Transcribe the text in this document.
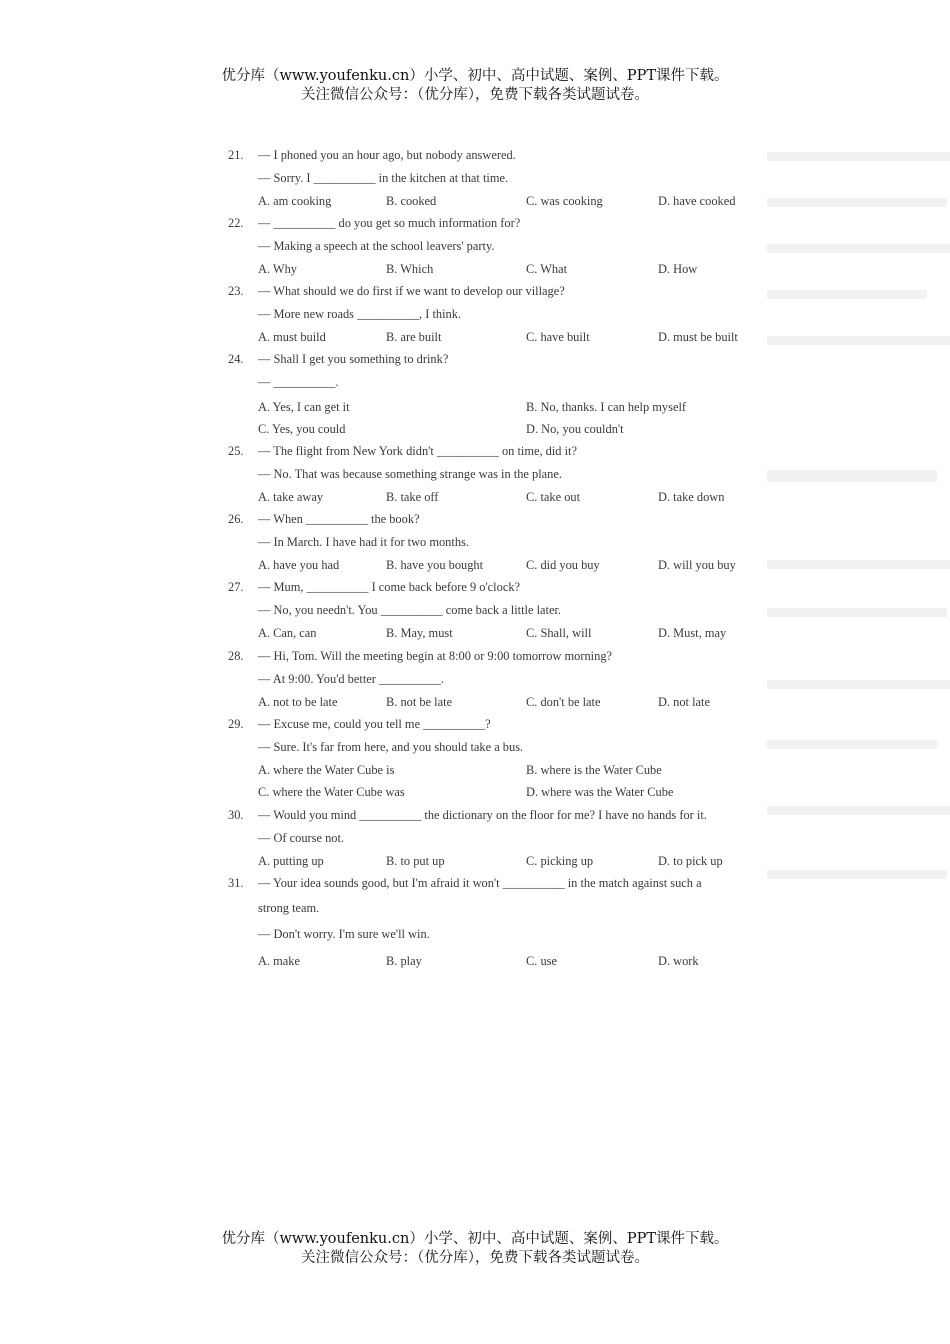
优分库（www.youfenku.cn）小学、初中、高中试题、案例、PPT课件下载。
关注微信公众号：（优分库），免费下载各类试题试卷。
21. — I phoned you an hour ago, but nobody answered.
— Sorry. I __________ in the kitchen at that time.
A. am cooking	B. cooked	C. was cooking	D. have cooked
22. — __________ do you get so much information for?
— Making a speech at the school leavers' party.
A. Why	B. Which	C. What	D. How
23. — What should we do first if we want to develop our village?
— More new roads __________, I think.
A. must build	B. are built	C. have built	D. must be built
24. — Shall I get you something to drink?
— __________.
A. Yes, I can get it	B. No, thanks. I can help myself
C. Yes, you could	D. No, you couldn't
25. — The flight from New York didn't __________ on time, did it?
— No. That was because something strange was in the plane.
A. take away	B. take off	C. take out	D. take down
26. — When __________ the book?
— In March. I have had it for two months.
A. have you had	B. have you bought	C. did you buy	D. will you buy
27. — Mum, __________ I come back before 9 o'clock?
— No, you needn't. You __________ come back a little later.
A. Can, can	B. May, must	C. Shall, will	D. Must, may
28. — Hi, Tom. Will the meeting begin at 8:00 or 9:00 tomorrow morning?
— At 9:00. You'd better __________.
A. not to be late	B. not be late	C. don't be late	D. not late
29. — Excuse me, could you tell me __________?
— Sure. It's far from here, and you should take a bus.
A. where the Water Cube is	B. where is the Water Cube
C. where the Water Cube was	D. where was the Water Cube
30. — Would you mind __________ the dictionary on the floor for me? I have no hands for it.
— Of course not.
A. putting up	B. to put up	C. picking up	D. to pick up
31. — Your idea sounds good, but I'm afraid it won't __________ in the match against such a
strong team.
— Don't worry. I'm sure we'll win.
A. make	B. play	C. use	D. work
优分库（www.youfenku.cn）小学、初中、高中试题、案例、PPT课件下载。
关注微信公众号：（优分库），免费下载各类试题试卷。
